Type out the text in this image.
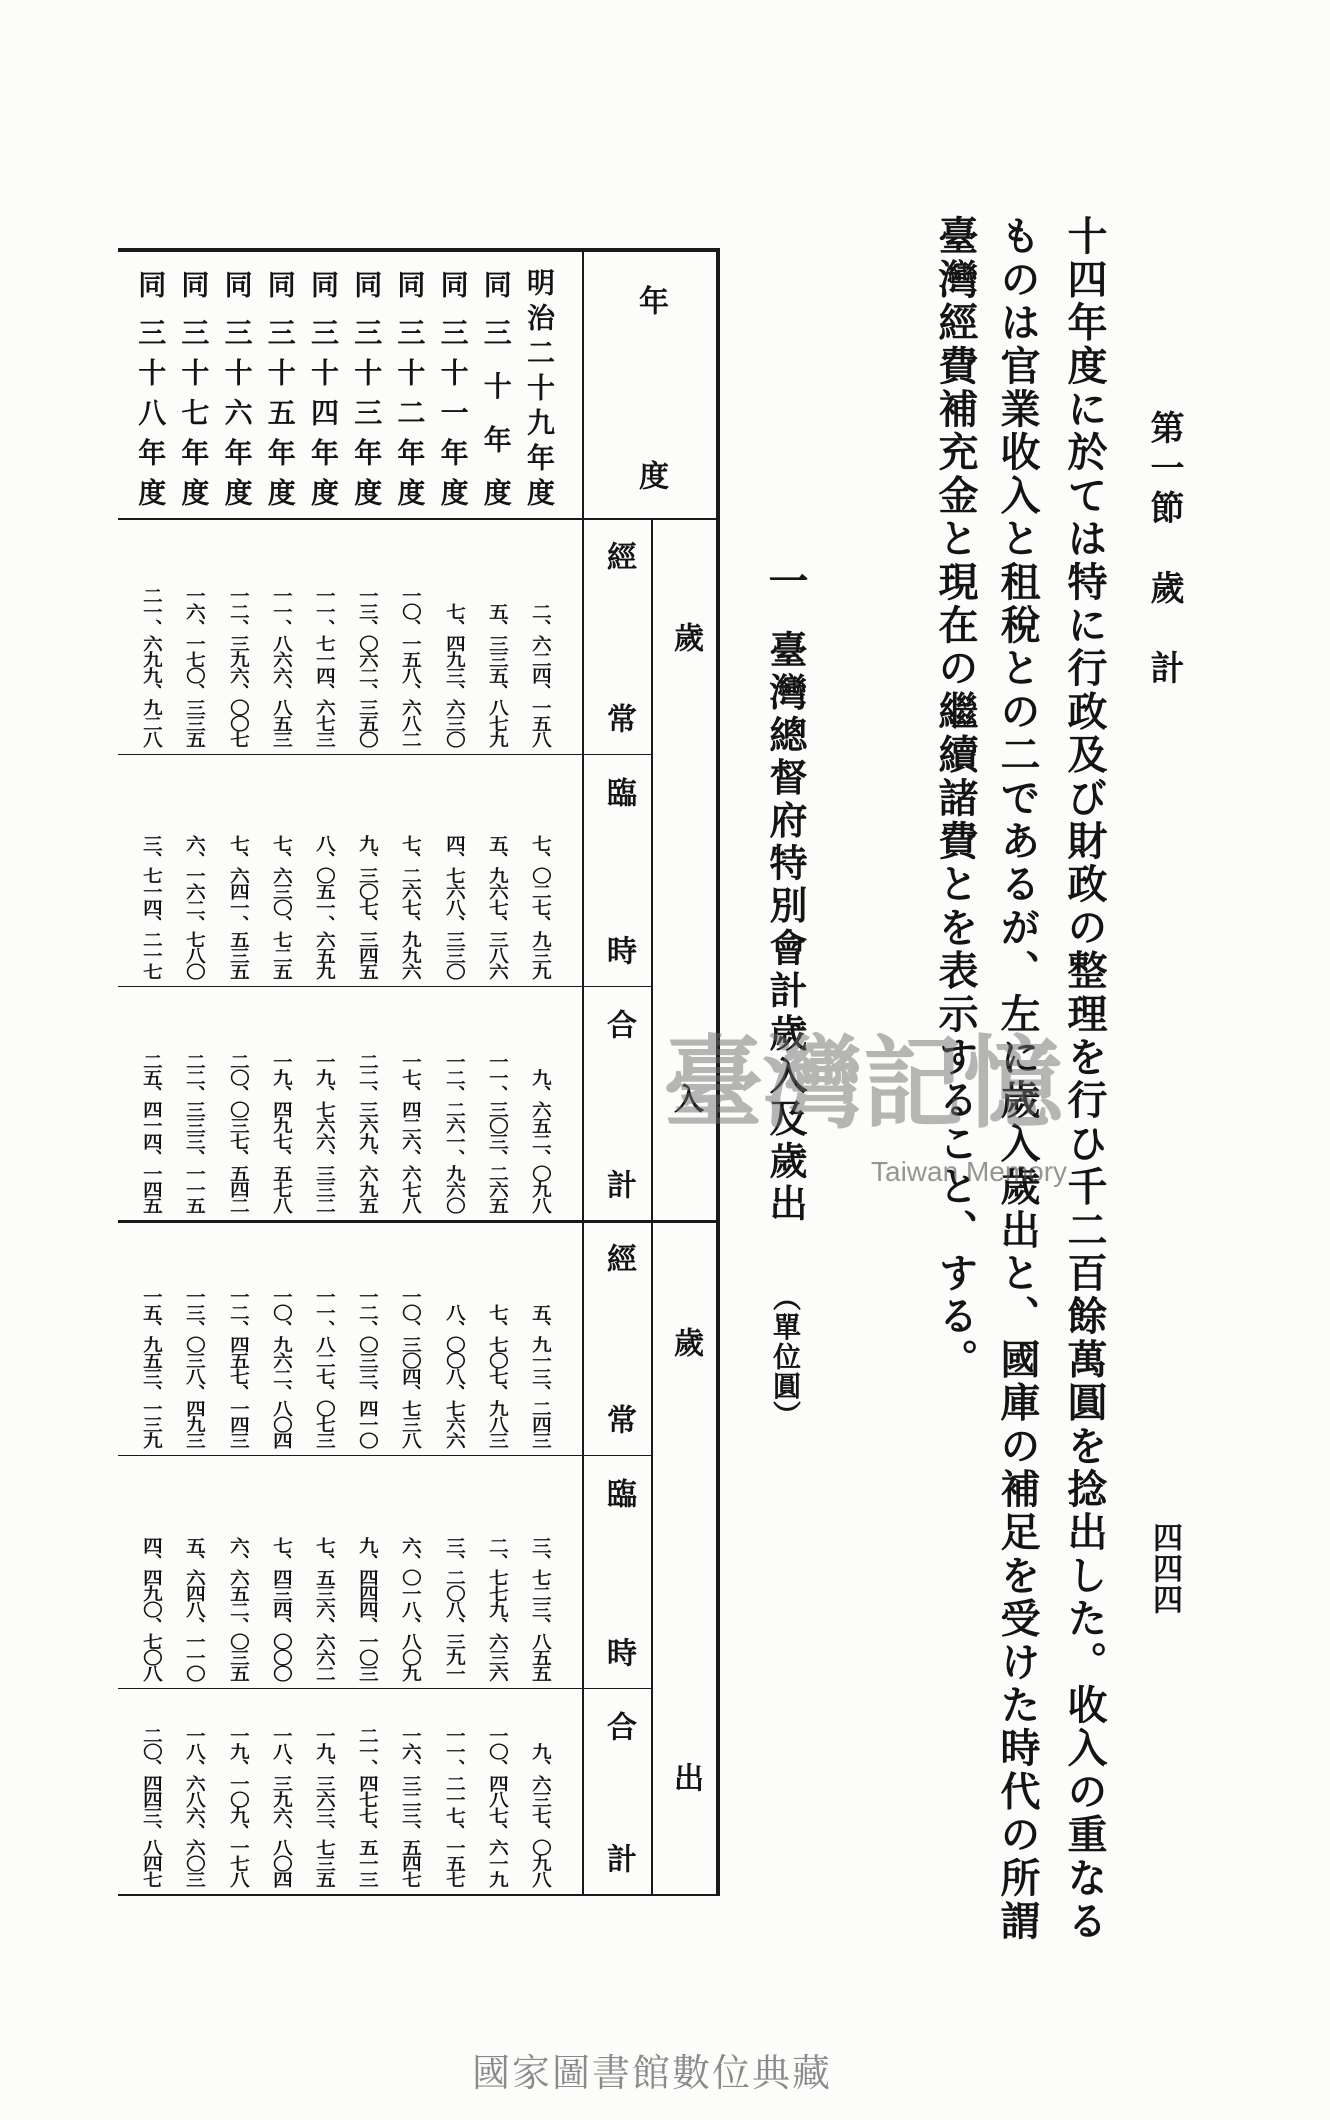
第一節　歲　計
四四四
十四年度に於ては特に行政及び財政の整理を行ひ千二百餘萬圓を捻出した。收入の重なる
ものは官業收入と租稅との二であるが、左に歲入歲出と、國庫の補足を受けた時代の所謂
臺灣經費補充金と現在の繼續諸費とを表示すること、する。
一
臺灣總督府特別會計歲入及歲出
（單位圓）
年度
歲入
歲出
經常
臨時
合計
經常
臨時
合計
明治二十九年度
二、六二四、一五八
七、〇二七、九三九
九、六五二、〇九八
五、九一三、二四三
三、七二三、八五五
九、六三七、〇九八
同
三十年度
五、三三五、八七九
五、九六七、三八六
一一、三〇三、二六五
七、七〇七、九八三
二、七七九、六三六
一〇、四八七、六一九
同
三十一年度
七、四九三、六三〇
四、七六八、三三〇
一二、二六一、九六〇
八、〇〇八、七六六
三、二〇八、三九一
一一、二一七、一五七
同
三十二年度
一〇、一五八、六八二
七、二六七、九九六
一七、四二六、六七八
一〇、三〇四、七三八
六、〇一八、八〇九
一六、三二三、五四七
同
三十三年度
一三、〇六二、三五〇
九、三〇七、三四五
二二、三六九、六九五
一二、〇三三、四一〇
九、四四四、一〇三
二一、四七七、五一三
同
三十四年度
一一、七一四、六七三
八、〇五一、六五九
一九、七六六、三三二
一一、八二七、〇七三
七、五三六、六六二
一九、三六三、七三五
同
三十五年度
一一、八六六、八五三
七、六三〇、七二五
一九、四九七、五七八
一〇、九六二、八〇四
七、四三四、〇〇〇
一八、三九六、八〇四
同
三十六年度
一二、三九六、〇〇七
七、六四一、五三五
二〇、〇三七、五四二
一二、四五七、一四三
六、六五二、〇三五
一九、一〇九、一七八
同
三十七年度
一六、一七〇、三三五
六、一六二、七八〇
二二、三三三、一一五
一三、〇三八、四九三
五、六四八、一一〇
一八、六八六、六〇三
同
三十八年度
二一、六九九、九二八
三、七一四、二一七
二五、四一四、一四五
一五、九五三、一三九
四、四九〇、七〇八
二〇、四四三、八四七
臺灣記憶
Taiwan Memory
國家圖書館數位典藏
